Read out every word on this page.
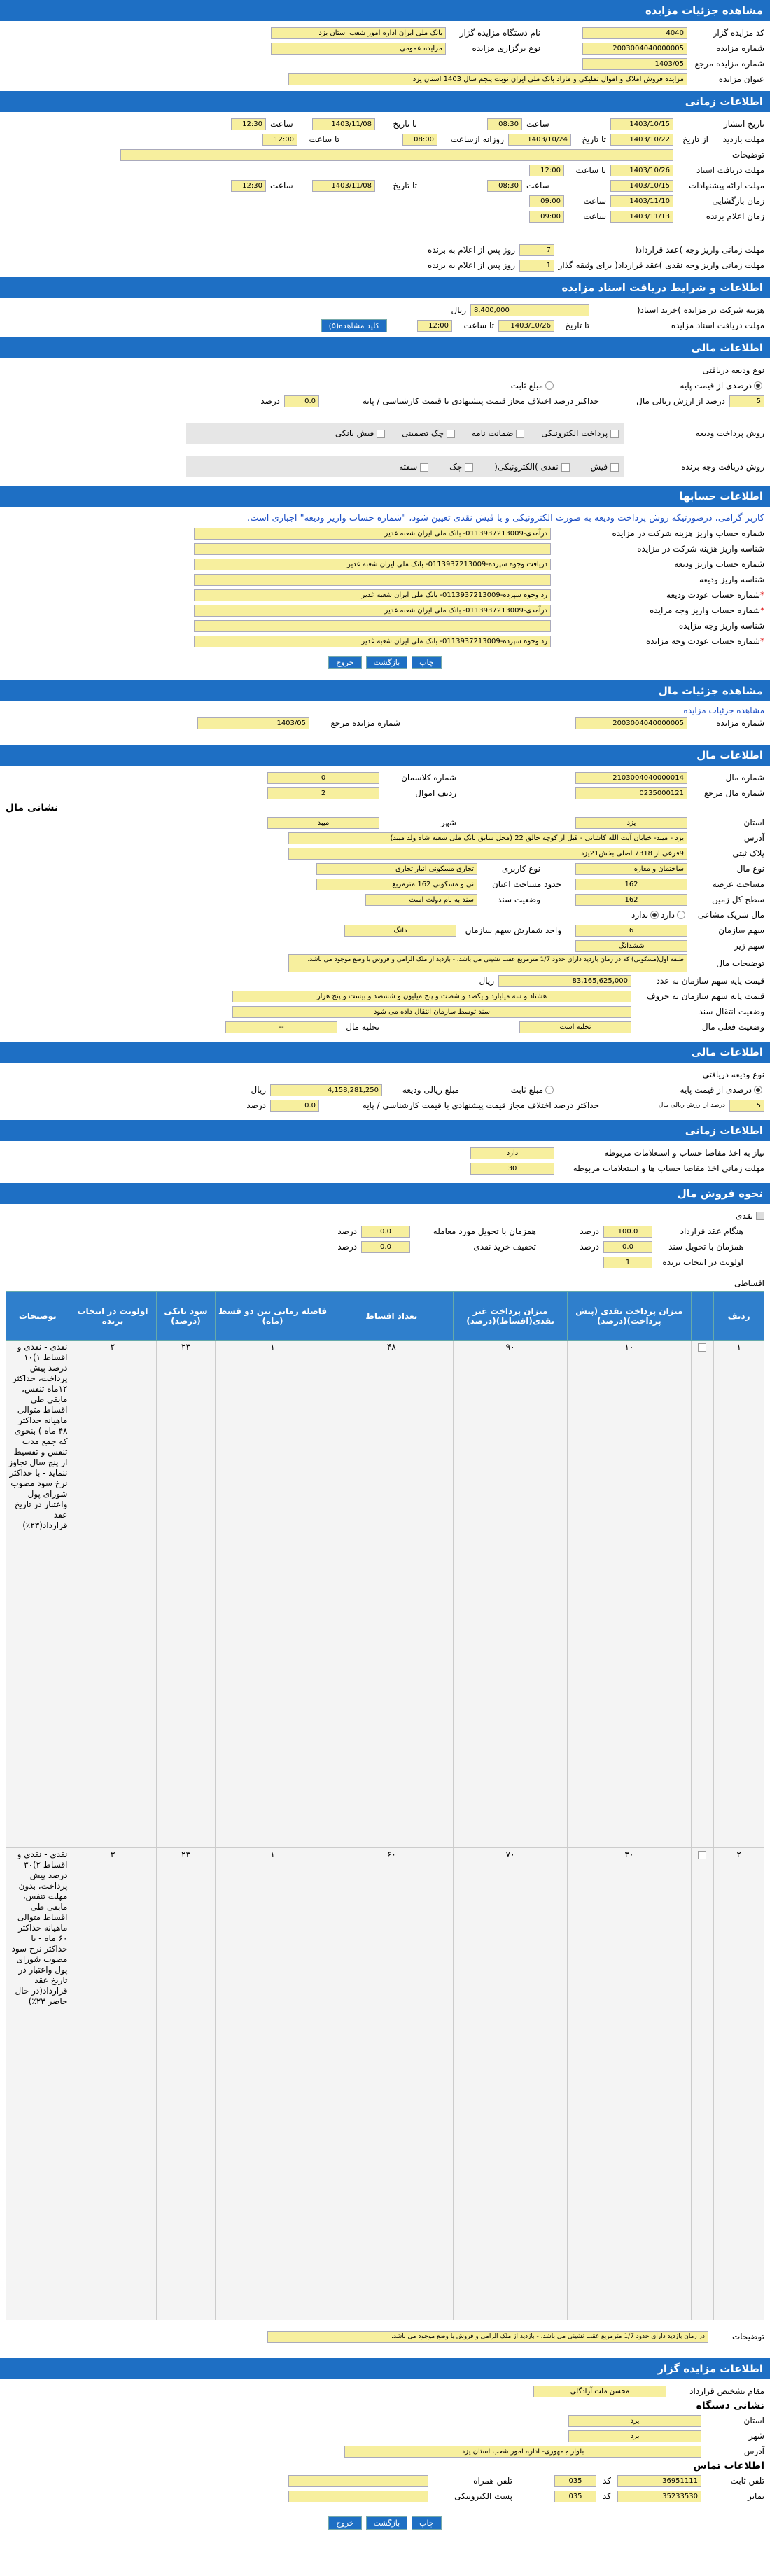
مشاهده جزئیات مزایده
کد مزایده گزار
4040
نام دستگاه مزایده گزار
بانک ملی ایران اداره امور شعب استان یزد
شماره مزایده
2003004040000005
نوع برگزاری مزایده
مزایده عمومی
شماره مزایده مرجع
1403/05
عنوان مزایده
مزایده فروش املاک و اموال تملیکی و مازاد بانک ملی ایران نوبت پنجم سال 1403 استان یزد
اطلاعات زمانی
تاریخ انتشار
1403/10/15
ساعت
08:30
تا تاریخ
1403/11/08
ساعت
12:30
مهلت بازدید
از تاریخ
1403/10/22
تا تاریخ
1403/10/24
روزانه ازساعت
08:00
تا ساعت
12:00
توضیحات
مهلت دریافت اسناد
1403/10/26
تا ساعت
12:00
مهلت ارائه پیشنهادات
1403/10/15
ساعت
08:30
تا تاریخ
1403/11/08
ساعت
12:30
زمان بازگشایی
1403/11/10
ساعت
09:00
زمان اعلام برنده
1403/11/13
ساعت
09:00
مهلت زمانی واریز وجه )عقد قرارداد(
7
روز پس از اعلام به برنده
مهلت زمانی واریز وجه نقدی )عقد قرارداد( برای وثیقه گذار
1
روز پس از اعلام به برنده
اطلاعات و شرایط دریافت اسناد مزایده
هزینه شرکت در مزایده )خرید اسناد(
8,400,000
ریال
مهلت دریافت اسناد مزایده
تا تاریخ
1403/10/26
تا ساعت
12:00
کلید مشاهده(۵)
اطلاعات مالی
نوع وديعه دريافتی
درصدی از قیمت پایه
مبلغ ثابت
5
درصد از ارزش ریالی مال
حداکثر درصد اختلاف مجاز قیمت پیشنهادی با قیمت کارشناسی / پایه
0.0
درصد
روش پرداخت وديعه
پرداخت الکترونیکی
ضمانت نامه
چک تضمینی
فیش بانکی
روش دریافت وجه برنده
فیش
نقدی )الکترونیکی(
چک
سفته
اطلاعات حسابها
کاربر گرامی، درصورتیکه روش پرداخت ودیعه به صورت الکترونیکی و یا فیش نقدی تعیین شود، "شماره حساب واریز ودیعه" اجباری است.
شماره حساب واریز هزینه شرکت در مزایده
درآمدی-0113937213009- بانک ملی ایران شعبه غدیر
شناسه واریز هزینه شرکت در مزایده
شماره حساب واریز وديعه
دریافت وجوه سپرده-0113937213009- بانک ملی ایران شعبه غدیر
شناسه واریز وديعه
*شماره حساب عودت وديعه
رد وجوه سپرده-0113937213009- بانک ملی ایران شعبه غدیر
*شماره حساب واریز وجه مزایده
درآمدی-0113937213009- بانک ملی ایران شعبه غدیر
شناسه واریز وجه مزایده
*شماره حساب عودت وجه مزایده
رد وجوه سپرده-0113937213009- بانک ملی ایران شعبه غدیر
چاپبازگشتخروج
مشاهده جزئیات مال
مشاهده جزئیات مزایده
شماره مزایده
2003004040000005
شماره مزایده مرجع
1403/05
اطلاعات مال
شماره مال
2103004040000014
شماره کلاسمان
0
شماره مال مرجع
0235000121
ردیف اموال
2
نشانی مال
استان
یزد
شهر
میبد
آدرس
یزد - میبد- خیابان آیت الله کاشانی - قبل از کوچه خالق 22 (محل سابق بانک ملی شعبه شاه ولد میبد)
پلاک ثبتی
9فرعی از 7318 اصلی بخش21یزد
نوع مال
ساختمان و مغازه
نوع کاربری
تجاری مسکونی انبار تجاری
مساحت عرصه
162
حدود مساحت اعیان
نی و مسکونی 162 مترمربع
سطح کل زمین
162
وضعیت سند
سند به نام دولت است
مال شریک مشاعی
دارد
ندارد
سهم سازمان
6
واحد شمارش سهم سازمان
دانگ
سهم زیر
ششدانگ
توضیحات مال
طبقه اول(مسکونی) که در زمان بازدید دارای حدود 1/7 مترمربع عقب نشینی می باشد. - بازدید از ملک الزامی و فروش با وضع موجود می باشد.
قیمت پایه سهم سازمان به عدد
83,165,625,000
ریال
قیمت پایه سهم سازمان به حروف
هشتاد و سه میلیارد و یکصد و شصت و پنج میلیون و ششصد و بیست و پنج هزار
وضعیت انتقال سند
سند توسط سازمان انتقال داده می شود
وضعیت فعلی مال
تخلیه است
تخلیه مال
--
اطلاعات مالی
نوع وديعه دريافتی
درصدی از قیمت پایه
مبلغ ثابت
مبلغ ریالی وديعه
4,158,281,250
ریال
5
درصد از ارزش ریالی مال
حداکثر درصد اختلاف مجاز قیمت پیشنهادی با قیمت کارشناسی / پایه
0.0
درصد
اطلاعات زمانی
نیاز به اخذ مفاصا حساب و استعلامات مربوطه
دارد
مهلت زمانی اخذ مفاصا حساب ها و استعلامات مربوطه
30
نحوه فروش مال
نقدی
هنگام عقد قرارداد
100.0
درصد
همزمان با تحویل مورد معامله
0.0
درصد
همزمان با تحویل سند
0.0
درصد
تخفیف خرید نقدی
0.0
درصد
اولویت در انتخاب برنده
1
اقساطی
ردیف		میزان پرداخت نقدی (پیش پرداخت)(درصد)	میزان پرداخت غیر نقدی(اقساط)(درصد)	تعداد اقساط	فاصله زمانی بین دو قسط (ماه)	سود بانکی (درصد)	اولویت در انتخاب برنده	توضیحات
۱		۱۰	۹۰	۴۸	۱	۲۳	۲	نقدی - نقدی و اقساط ۱)۱۰ درصد پیش پرداخت، حداکثر ۱۲ماه تنفس، مابقی طی اقساط متوالی ماهیانه حداکثر ۴۸ ماه ) بنحوی که جمع مدت تنفس و تقسیط از پنج سال تجاوز ننماید - با حداکثر نرخ سود مصوب شورای پول واعتبار در تاریخ عقد قرارداد(۲۳٪)
۲		۳۰	۷۰	۶۰	۱	۲۳	۳	نقدی - نقدی و اقساط ۲)۳۰ درصد پیش پرداخت، بدون مهلت تنفس، مابقی طی اقساط متوالی ماهیانه حداکثر ۶۰ ماه - با حداکثر نرخ سود مصوب شورای پول واعتبار در تاریخ عقد قرارداد(در حال حاضر ۲۳٪)
توضیحات
در زمان بازدید دارای حدود 1/7 مترمربع عقب نشینی می باشد. - بازدید از ملک الزامی و فروش با وضع موجود می باشد.
اطلاعات مزایده گزار
مقام تشخیص قرارداد
محسن ملت آزادگلی
نشانی دستگاه
استان
یزد
شهر
یزد
آدرس
بلوار جمهوری- اداره امور شعب استان یزد
اطلاعات تماس
تلفن ثابت
36951111
کد
035
تلفن همراه
نمابر
35233530
کد
035
پست الکترونیکی
چاپبازگشتخروج
